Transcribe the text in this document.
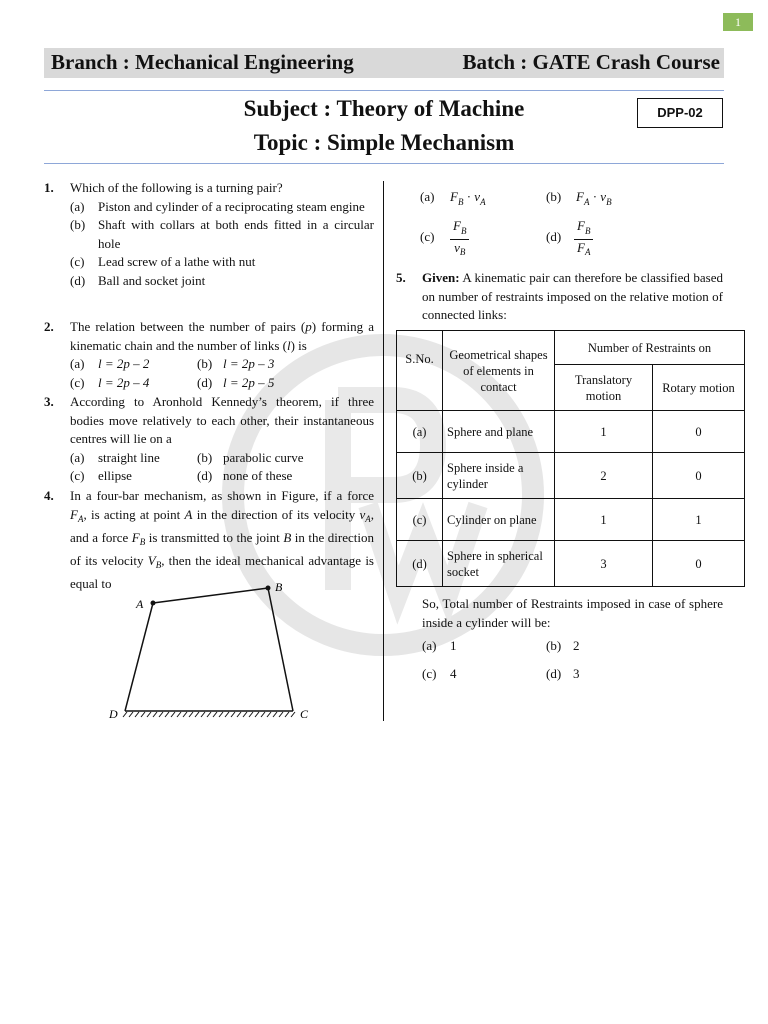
1
Branch : Mechanical Engineering	Batch : GATE Crash Course
Subject : Theory of Machine
Topic : Simple Mechanism
DPP-02
1. Which of the following is a turning pair?
(a) Piston and cylinder of a reciprocating steam engine
(b) Shaft with collars at both ends fitted in a circular hole
(c) Lead screw of a lathe with nut
(d) Ball and socket joint
2. The relation between the number of pairs (p) forming a kinematic chain and the number of links (l) is
(a) l = 2p – 2	(b) l = 2p – 3
(c) l = 2p – 4	(d) l = 2p – 5
3. According to Aronhold Kennedy’s theorem, if three bodies move relatively to each other, their instantaneous centres will lie on a
(a) straight line	(b) parabolic curve
(c) ellipse	(d) none of these
4. In a four-bar mechanism, as shown in Figure, if a force $F_A$, is acting at point A in the direction of its velocity $v_A$, and a force $F_B$ is transmitted to the joint B in the direction of its velocity $V_B$, then the ideal mechanical advantage is equal to
A
B
C
D
(a) $F_B \cdot v_A$	(b) $F_A \cdot v_B$
$(c) \frac{F_B}{v_B}$	$(d) \frac{F_B}{F_A}$
5. Given: A kinematic pair can therefore be classified based on number of restraints imposed on the relative motion of connected links:
S.No.	Geometrical shapes of elements in contact	Number of Restraints on	
		Translatory motion	Rotary motion
(a)	Sphere and plane	1	0
(b)	Sphere inside a cylinder	2	0
(c)	Cylinder on plane	1	1
(d)	Sphere in spherical socket	3	0
So, Total number of Restraints imposed in case of sphere inside a cylinder will be:
(a) 1	(b) 2
(c) 4	(d) 3
